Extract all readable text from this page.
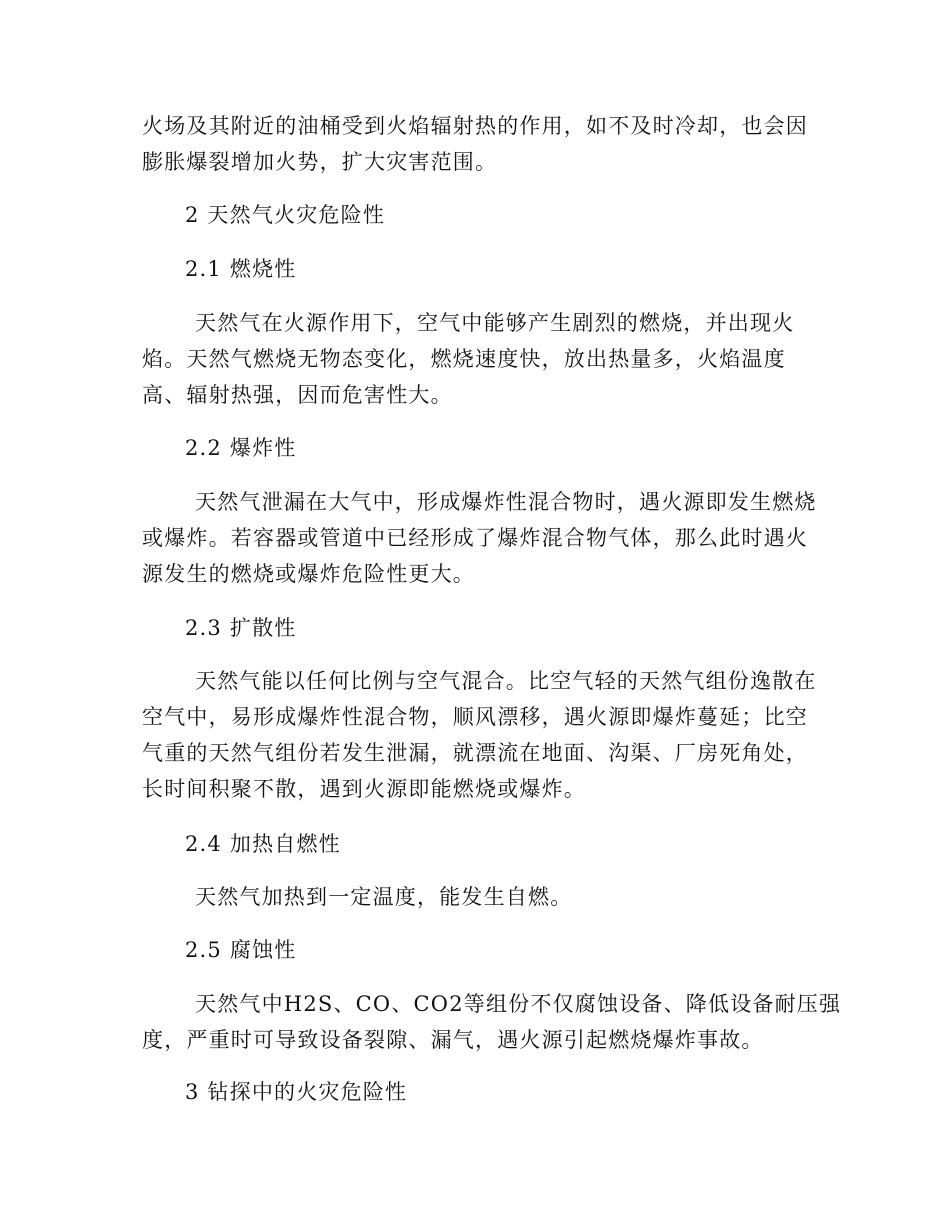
火场及其附近的油桶受到火焰辐射热的作用，如不及时冷却，也会因
膨胀爆裂增加火势，扩大灾害范围。
2 天然气火灾危险性
2.1 燃烧性
天然气在火源作用下，空气中能够产生剧烈的燃烧，并出现火
焰。天然气燃烧无物态变化，燃烧速度快，放出热量多，火焰温度
高、辐射热强，因而危害性大。
2.2 爆炸性
天然气泄漏在大气中，形成爆炸性混合物时，遇火源即发生燃烧
或爆炸。若容器或管道中已经形成了爆炸混合物气体，那么此时遇火
源发生的燃烧或爆炸危险性更大。
2.3 扩散性
天然气能以任何比例与空气混合。比空气轻的天然气组份逸散在
空气中，易形成爆炸性混合物，顺风漂移，遇火源即爆炸蔓延；比空
气重的天然气组份若发生泄漏，就漂流在地面、沟渠、厂房死角处，
长时间积聚不散，遇到火源即能燃烧或爆炸。
2.4 加热自燃性
天然气加热到一定温度，能发生自燃。
2.5 腐蚀性
天然气中H2S、CO、CO2等组份不仅腐蚀设备、降低设备耐压强
度，严重时可导致设备裂隙、漏气，遇火源引起燃烧爆炸事故。
3 钻探中的火灾危险性
